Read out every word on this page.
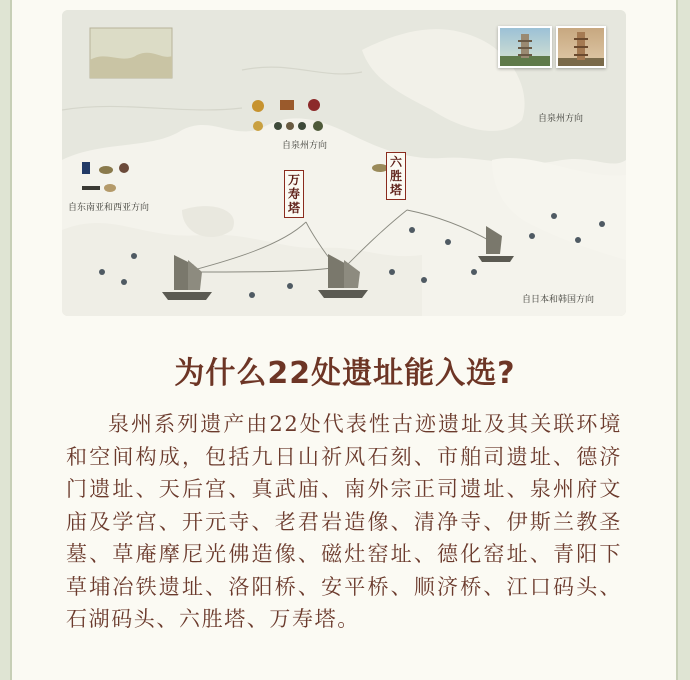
自泉州方向
自泉州方向
自东南亚和西亚方向
自日本和韩国方向
万
寿
塔
六
胜
塔
为什么22处遗址能入选?

泉州系列遗产由22处代表性古迹遗址及其关联环境和空间构成，包括九日山祈风石刻、市舶司遗址、德济门遗址、天后宫、真武庙、南外宗正司遗址、泉州府文庙及学宫、开元寺、老君岩造像、清净寺、伊斯兰教圣墓、草庵摩尼光佛造像、磁灶窑址、德化窑址、青阳下草埔冶铁遗址、洛阳桥、安平桥、顺济桥、江口码头、石湖码头、六胜塔、万寿塔。
